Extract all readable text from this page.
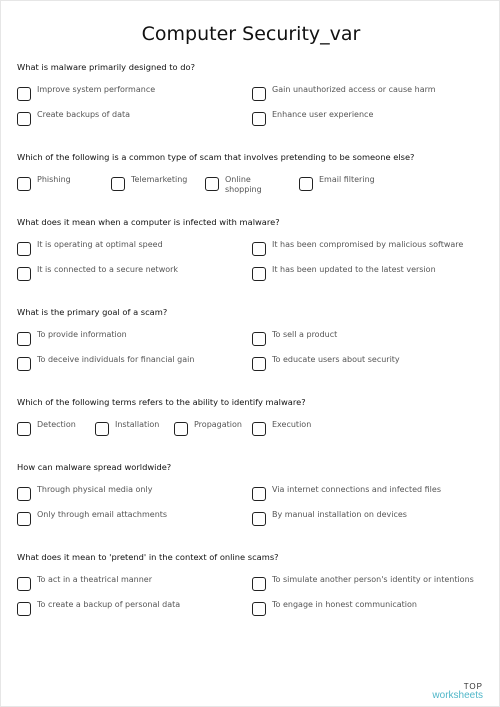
Computer Security_var
What is malware primarily designed to do?
Improve system performance	Gain unauthorized access or cause harm
Create backups of data	Enhance user experience
Which of the following is a common type of scam that involves pretending to be someone else?
Phishing	Telemarketing	Online shopping
Email filtering
What does it mean when a computer is infected with malware?
It is operating at optimal speed	It has been compromised by malicious software
It is connected to a secure network	It has been updated to the latest version
What is the primary goal of a scam?
To provide information	To sell a product
To deceive individuals for financial gain	To educate users about security
Which of the following terms refers to the ability to identify malware?
Detection	Installation	Propagation	Execution
How can malware spread worldwide?
Through physical media only	Via internet connections and infected files
Only through email attachments	By manual installation on devices
What does it mean to 'pretend' in the context of online scams?
To act in a theatrical manner	To simulate another person's identity or intentions
To create a backup of personal data	To engage in honest communication
TOP
worksheets
